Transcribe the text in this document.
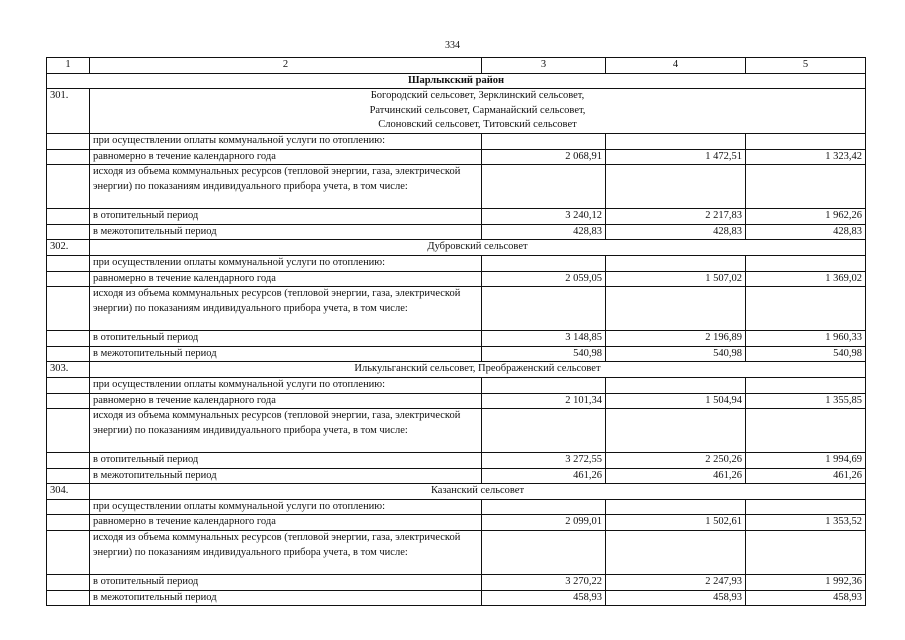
334
1	2	3	4	5
Шарлыкский район				
301.	Богородский сельсовет, Зерклинский сельсовет,
Ратчинский сельсовет, Сарманайский сельсовет,
Слоновский сельсовет, Титовский сельсовет			

	при осуществлении оплаты коммунальной услуги по отоплению:			
	равномерно в течение календарного года	2 068,91	1 472,51	1 323,42
	исходя из объема коммунальных ресурсов (тепловой энергии, газа, электрической энергии) по показаниям индивидуального прибора учета, в том числе:			
	в отопительный период	3 240,12	2 217,83	1 962,26
	в межотопительный период	428,83	428,83	428,83
302.	Дубровский сельсовет			

	при осуществлении оплаты коммунальной услуги по отоплению:			
	равномерно в течение календарного года	2 059,05	1 507,02	1 369,02
	исходя из объема коммунальных ресурсов (тепловой энергии, газа, электрической энергии) по показаниям индивидуального прибора учета, в том числе:			
	в отопительный период	3 148,85	2 196,89	1 960,33
	в межотопительный период	540,98	540,98	540,98
303.	Илькульганский сельсовет, Преображенский сельсовет			

	при осуществлении оплаты коммунальной услуги по отоплению:			
	равномерно в течение календарного года	2 101,34	1 504,94	1 355,85
	исходя из объема коммунальных ресурсов (тепловой энергии, газа, электрической энергии) по показаниям индивидуального прибора учета, в том числе:			
	в отопительный период	3 272,55	2 250,26	1 994,69
	в межотопительный период	461,26	461,26	461,26
304.	Казанский сельсовет			

	при осуществлении оплаты коммунальной услуги по отоплению:			
	равномерно в течение календарного года	2 099,01	1 502,61	1 353,52
	исходя из объема коммунальных ресурсов (тепловой энергии, газа, электрической энергии) по показаниям индивидуального прибора учета, в том числе:			
	в отопительный период	3 270,22	2 247,93	1 992,36
	в межотопительный период	458,93	458,93	458,93
